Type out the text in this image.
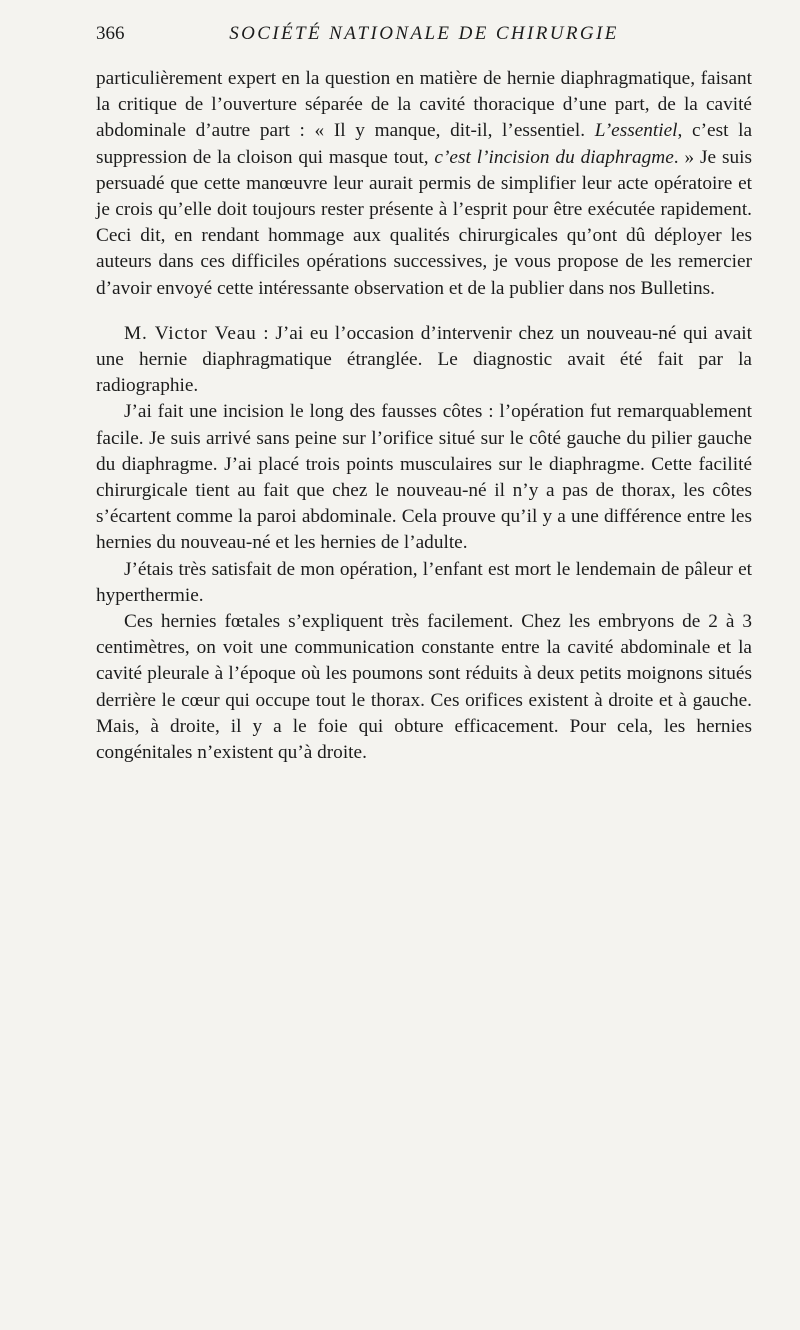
366	SOCIÉTÉ NATIONALE DE CHIRURGIE

particulièrement expert en la question en matière de hernie diaphragmatique, faisant la critique de l’ouverture séparée de la cavité thoracique d’une part, de la cavité abdominale d’autre part : « Il y manque, dit-il, l’essentiel. L’essentiel, c’est la suppression de la cloison qui masque tout, c’est l’incision du diaphragme. » Je suis persuadé que cette manœuvre leur aurait permis de simplifier leur acte opératoire et je crois qu’elle doit toujours rester présente à l’esprit pour être exécutée rapidement. Ceci dit, en rendant hommage aux qualités chirurgicales qu’ont dû déployer les auteurs dans ces difficiles opérations successives, je vous propose de les remercier d’avoir envoyé cette intéressante observation et de la publier dans nos Bulletins.

M. Victor Veau : J’ai eu l’occasion d’intervenir chez un nouveau-né qui avait une hernie diaphragmatique étranglée. Le diagnostic avait été fait par la radiographie.

J’ai fait une incision le long des fausses côtes : l’opération fut remarquablement facile. Je suis arrivé sans peine sur l’orifice situé sur le côté gauche du pilier gauche du diaphragme. J’ai placé trois points musculaires sur le diaphragme. Cette facilité chirurgicale tient au fait que chez le nouveau-né il n’y a pas de thorax, les côtes s’écartent comme la paroi abdominale. Cela prouve qu’il y a une différence entre les hernies du nouveau-né et les hernies de l’adulte.

J’étais très satisfait de mon opération, l’enfant est mort le lendemain de pâleur et hyperthermie.

Ces hernies fœtales s’expliquent très facilement. Chez les embryons de 2 à 3 centimètres, on voit une communication constante entre la cavité abdominale et la cavité pleurale à l’époque où les poumons sont réduits à deux petits moignons situés derrière le cœur qui occupe tout le thorax. Ces orifices existent à droite et à gauche. Mais, à droite, il y a le foie qui obture efficacement. Pour cela, les hernies congénitales n’existent qu’à droite.
